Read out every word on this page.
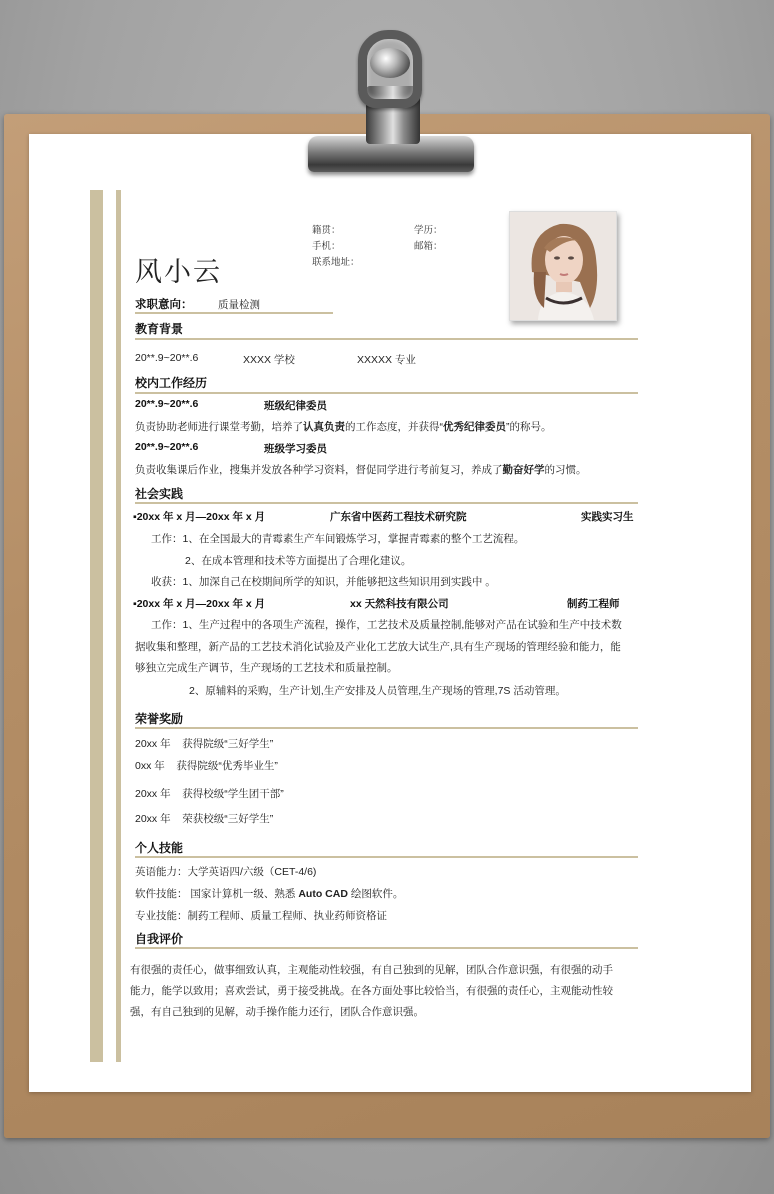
风小云
籍贯：	学历：
手机：	邮箱：
联系地址：
求职意向： 质量检测
教育背景
20**.9~20**.6	XXXX 学校	XXXXX 专业
校内工作经历
20**.9~20**.6	班级纪律委员
负责协助老师进行课堂考勤，培养了认真负责的工作态度，并获得“优秀纪律委员”的称号。
20**.9~20**.6	班级学习委员
负责收集课后作业，搜集并发放各种学习资料，督促同学进行考前复习，养成了勤奋好学的习惯。
社会实践
▪20xx 年 x 月—20xx 年 x 月	广东省中医药工程技术研究院	实践实习生
工作：1、在全国最大的青霉素生产车间锻炼学习，掌握青霉素的整个工艺流程。
2、在成本管理和技术等方面提出了合理化建议。
收获：1、加深自己在校期间所学的知识，并能够把这些知识用到实践中 。
▪20xx 年 x 月—20xx 年 x 月	xx 天然科技有限公司	制药工程师
工作：1、生产过程中的各项生产流程，操作，工艺技术及质量控制,能够对产品在试验和生产中技术数
据收集和整理，新产品的工艺技术消化试验及产业化工艺放大试生产,具有生产现场的管理经验和能力，能
够独立完成生产调节，生产现场的工艺技术和质量控制。
2、原辅料的采购，生产计划,生产安排及人员管理,生产现场的管理,7S 活动管理。
荣誉奖励
20xx 年    获得院级“三好学生”
0xx 年    获得院级“优秀毕业生”
20xx 年    获得校级“学生团干部”
20xx 年    荣获校级“三好学生”
个人技能
英语能力：大学英语四/六级（CET-4/6)
软件技能： 国家计算机一级、熟悉 Auto CAD 绘图软件。
专业技能：制药工程师、质量工程师、执业药师资格证
自我评价
有很强的责任心，做事细致认真，主观能动性较强，有自己独到的见解，团队合作意识强，有很强的动手
能力，能学以致用；喜欢尝试，勇于接受挑战。在各方面处事比较恰当，有很强的责任心，主观能动性较
强，有自己独到的见解，动手操作能力还行，团队合作意识强。
